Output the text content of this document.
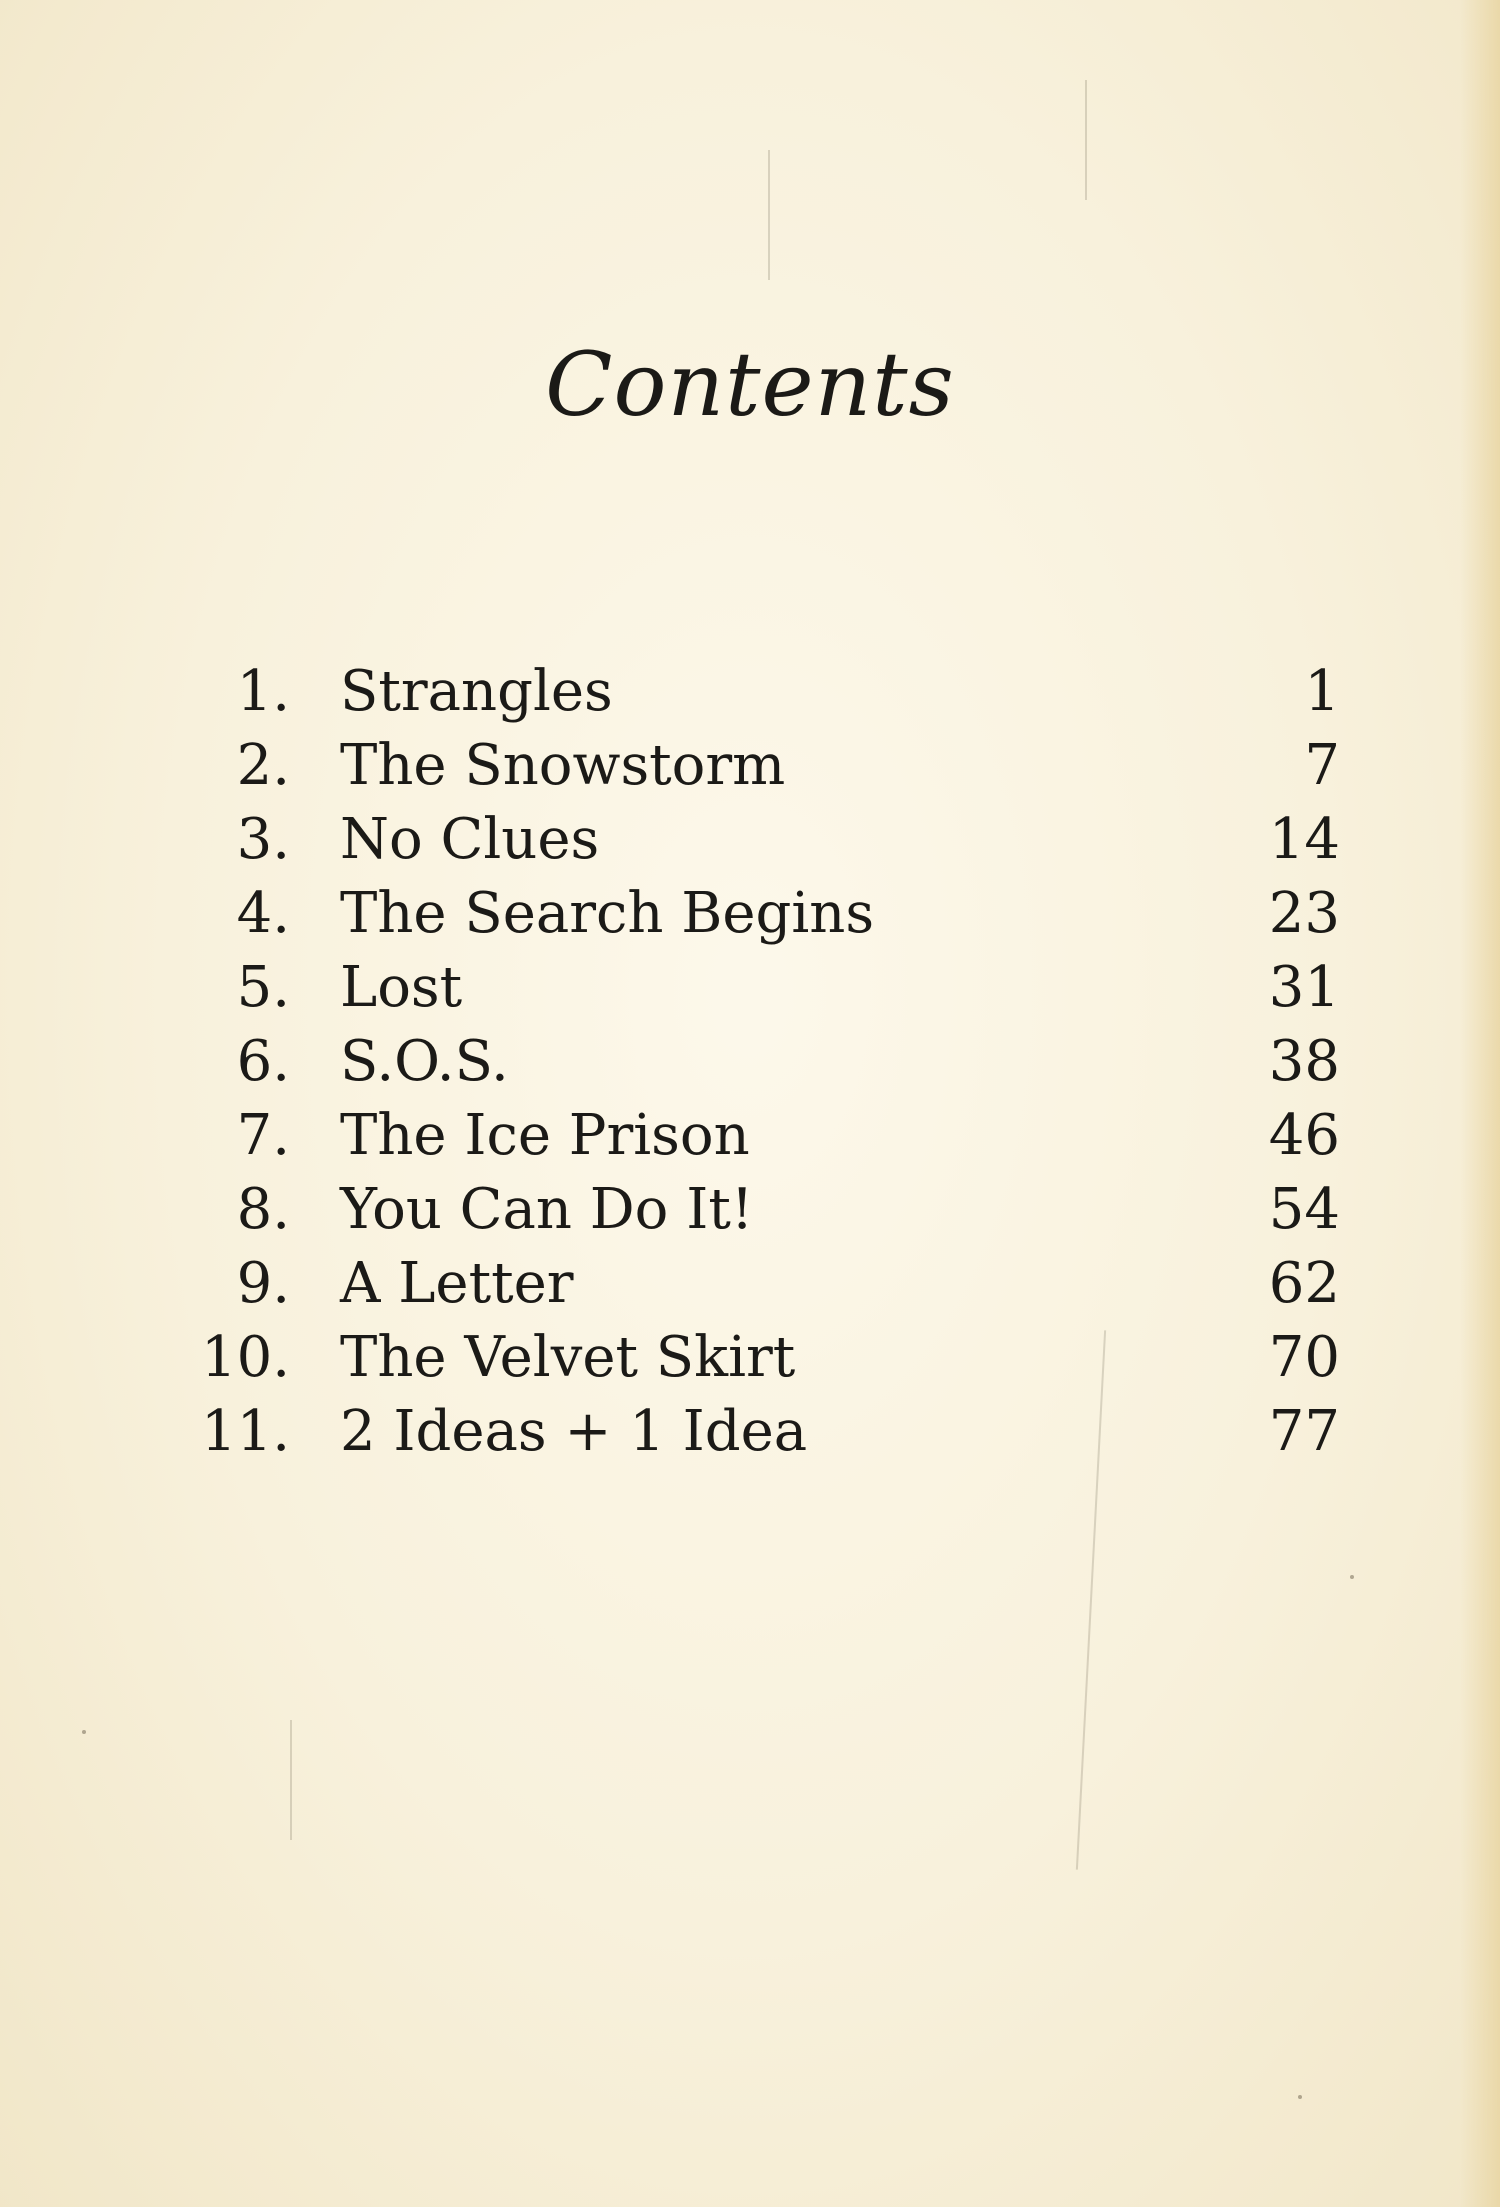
Contents
1. Strangles	1
2. The Snowstorm	7
3. No Clues	14
4. The Search Begins	23
5. Lost	31
6. S.O.S.	38
7. The Ice Prison	46
8. You Can Do It!	54
9. A Letter	62
10. The Velvet Skirt	70
11. 2 Ideas + 1 Idea	77
